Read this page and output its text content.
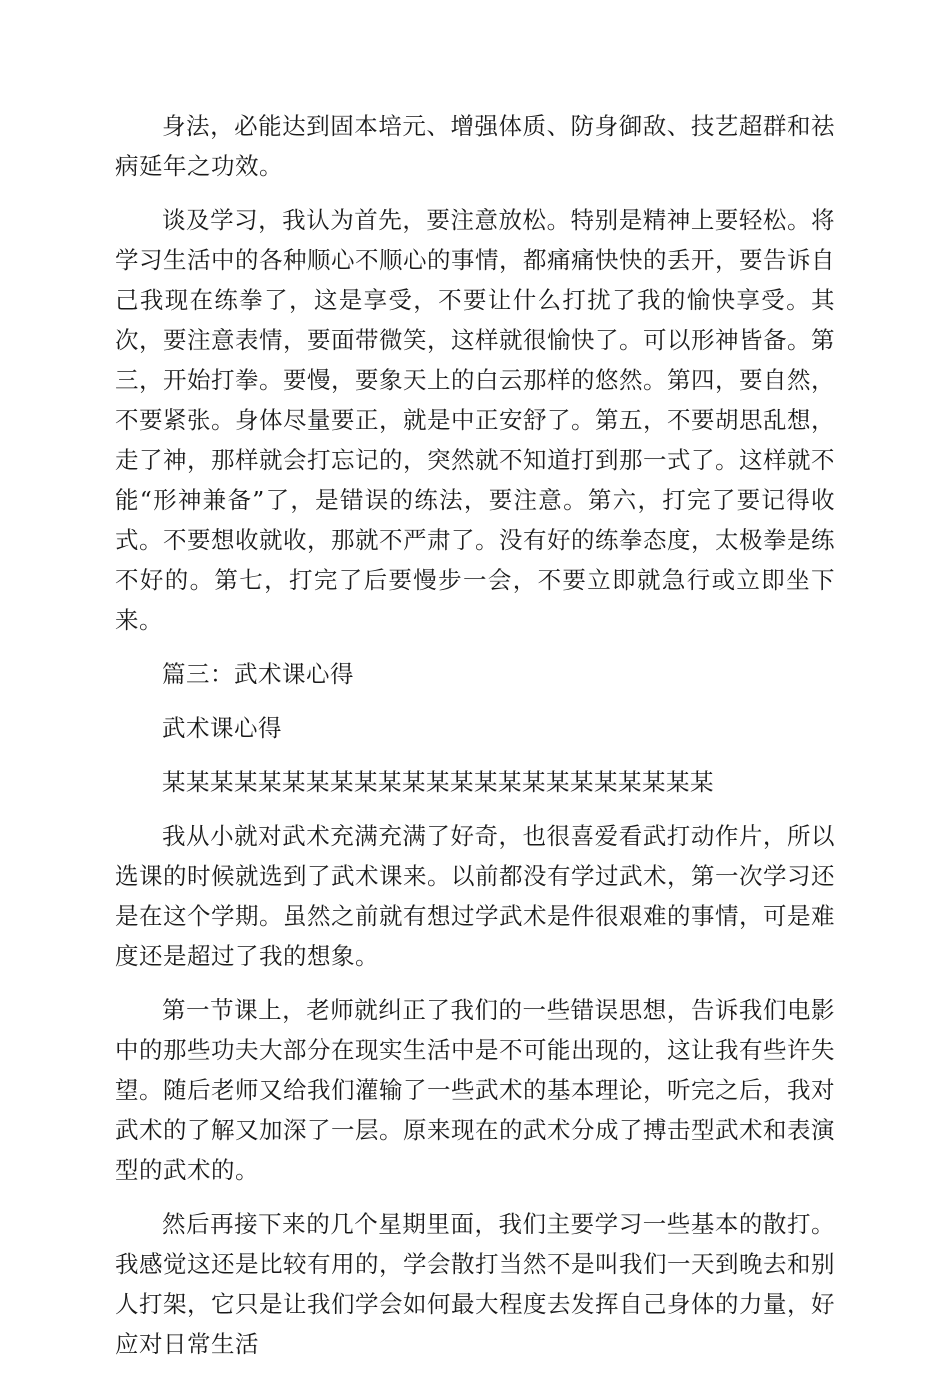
身法，必能达到固本培元、增强体质、防身御敌、技艺超群和祛病延年之功效。

谈及学习，我认为首先，要注意放松。特别是精神上要轻松。将学习生活中的各种顺心不顺心的事情，都痛痛快快的丢开，要告诉自己我现在练拳了，这是享受，不要让什么打扰了我的愉快享受。其次，要注意表情，要面带微笑，这样就很愉快了。可以形神皆备。第三，开始打拳。要慢，要象天上的白云那样的悠然。第四，要自然，不要紧张。身体尽量要正，就是中正安舒了。第五，不要胡思乱想，走了神，那样就会打忘记的，突然就不知道打到那一式了。这样就不能“形神兼备”了，是错误的练法，要注意。第六，打完了要记得收式。不要想收就收，那就不严肃了。没有好的练拳态度，太极拳是练不好的。第七，打完了后要慢步一会，不要立即就急行或立即坐下来。

篇三：武术课心得

武术课心得

某某某某某某某某某某某某某某某某某某某某某某某

我从小就对武术充满充满了好奇，也很喜爱看武打动作片，所以选课的时候就选到了武术课来。以前都没有学过武术，第一次学习还是在这个学期。虽然之前就有想过学武术是件很艰难的事情，可是难度还是超过了我的想象。

第一节课上，老师就纠正了我们的一些错误思想，告诉我们电影中的那些功夫大部分在现实生活中是不可能出现的，这让我有些许失望。随后老师又给我们灌输了一些武术的基本理论，听完之后，我对武术的了解又加深了一层。原来现在的武术分成了搏击型武术和表演型的武术的。

然后再接下来的几个星期里面，我们主要学习一些基本的散打。我感觉这还是比较有用的，学会散打当然不是叫我们一天到晚去和别人打架，它只是让我们学会如何最大程度去发挥自己身体的力量，好应对日常生活
